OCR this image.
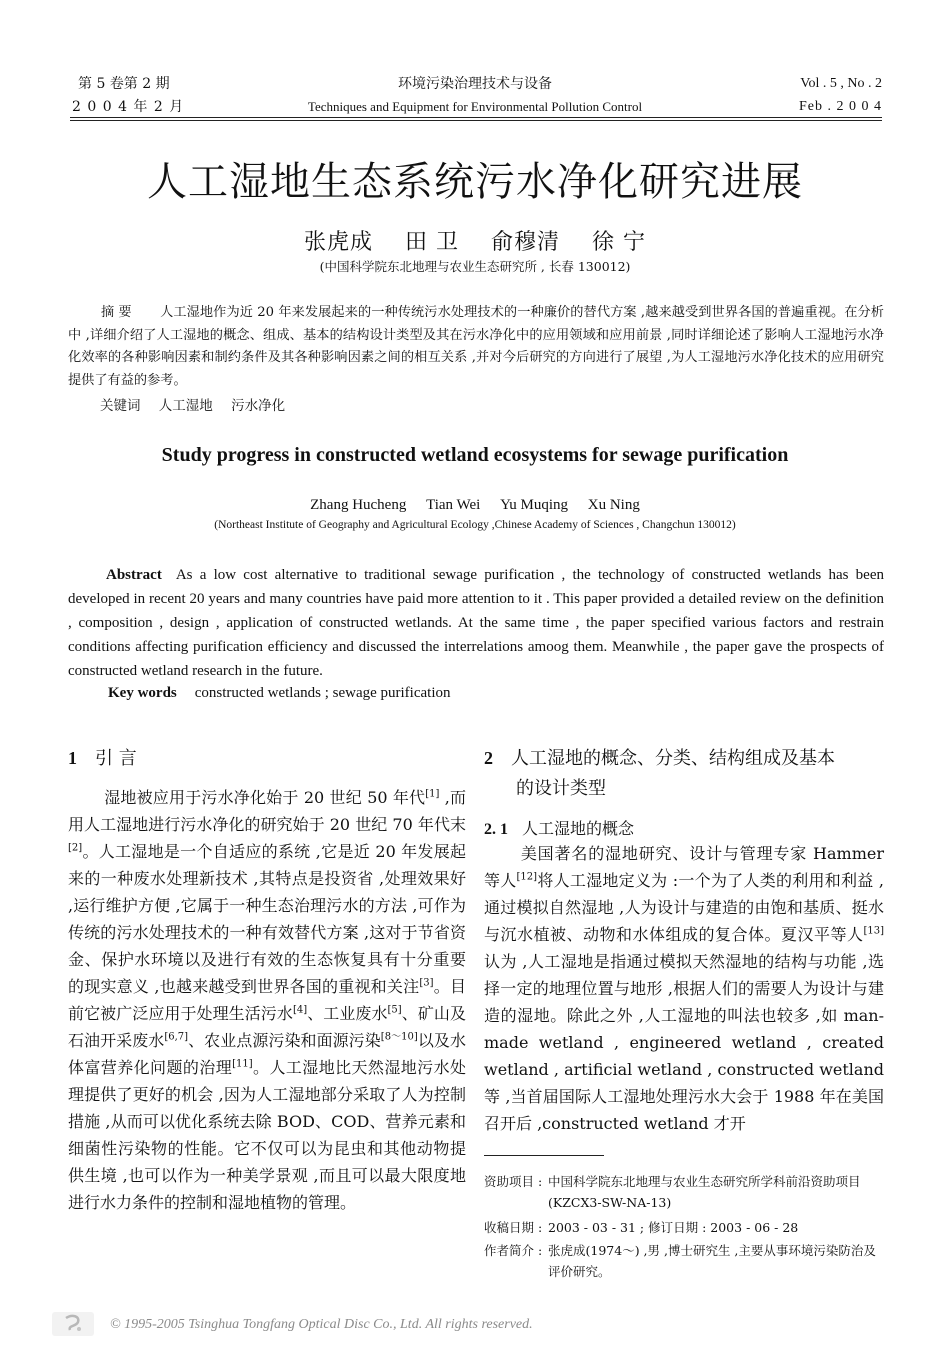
第 5 卷第 2 期
2 0 0 4 年 2 月
环境污染治理技术与设备
Techniques and Equipment for Environmental Pollution Control
Vol . 5 , No . 2
Feb . 2 0 0 4
人工湿地生态系统污水净化研究进展
张虎成 田 卫 俞穆清 徐 宁
(中国科学院东北地理与农业生态研究所 , 长春 130012)
摘 要 人工湿地作为近 20 年来发展起来的一种传统污水处理技术的一种廉价的替代方案 ,越来越受到世界各国的普遍重视。在分析中 ,详细介绍了人工湿地的概念、组成、基本的结构设计类型及其在污水净化中的应用领域和应用前景 ,同时详细论述了影响人工湿地污水净化效率的各种影响因素和制约条件及其各种影响因素之间的相互关系 ,并对今后研究的方向进行了展望 ,为人工湿地污水净化技术的应用研究提供了有益的参考。
关键词 人工湿地 污水净化
Study progress in constructed wetland ecosystems for sewage purification
Zhang Hucheng Tian Wei Yu Muqing Xu Ning
(Northeast Institute of Geography and Agricultural Ecology ,Chinese Academy of Sciences , Changchun 130012)
Abstract As a low cost alternative to traditional sewage purification , the technology of constructed wetlands has been developed in recent 20 years and many countries have paid more attention to it . This paper provided a detailed review on the definition , composition , design , application of constructed wetlands. At the same time , the paper specified various factors and restrain conditions affecting purification efficiency and discussed the interrelations amoog them. Meanwhile , the paper gave the prospects of constructed wetland research in the future.
Key words constructed wetlands ; sewage purification
1 引 言
湿地被应用于污水净化始于 20 世纪 50 年代[1] ,而用人工湿地进行污水净化的研究始于 20 世纪 70 年代末[2]。人工湿地是一个自适应的系统 ,它是近 20 年发展起来的一种废水处理新技术 ,其特点是投资省 ,处理效果好 ,运行维护方便 ,它属于一种生态治理污水的方法 ,可作为传统的污水处理技术的一种有效替代方案 ,这对于节省资金、保护水环境以及进行有效的生态恢复具有十分重要的现实意义 ,也越来越受到世界各国的重视和关注[3]。目前它被广泛应用于处理生活污水[4]、工业废水[5]、矿山及石油开采废水[6,7]、农业点源污染和面源污染[8～10]以及水体富营养化问题的治理[11]。人工湿地比天然湿地污水处理提供了更好的机会 ,因为人工湿地部分采取了人为控制措施 ,从而可以优化系统去除 BOD、COD、营养元素和细菌性污染物的性能。它不仅可以为昆虫和其他动物提供生境 ,也可以作为一种美学景观 ,而且可以最大限度地进行水力条件的控制和湿地植物的管理。
2 人工湿地的概念、分类、结构组成及基本
的设计类型
2. 1 人工湿地的概念
美国著名的湿地研究、设计与管理专家 Hammer 等人[12]将人工湿地定义为 :一个为了人类的利用和利益 ,通过模拟自然湿地 ,人为设计与建造的由饱和基质、挺水与沉水植被、动物和水体组成的复合体。夏汉平等人[13]认为 ,人工湿地是指通过模拟天然湿地的结构与功能 ,选择一定的地理位置与地形 ,根据人们的需要人为设计与建造的湿地。除此之外 ,人工湿地的叫法也较多 ,如 man-made wetland , engineered wetland , created wetland , artificial wetland , constructed wetland 等 ,当首届国际人工湿地处理污水大会于 1988 年在美国召开后 ,constructed wetland 才开
资助项目 : 中国科学院东北地理与农业生态研究所学科前沿资助项目(KZCX3-SW-NA-13)
收稿日期 : 2003 - 03 - 31 ; 修订日期 : 2003 - 06 - 28
作者简介 : 张虎成(1974～) ,男 ,博士研究生 ,主要从事环境污染防治及评价研究。
© 1995-2005 Tsinghua Tongfang Optical Disc Co., Ltd. All rights reserved.
